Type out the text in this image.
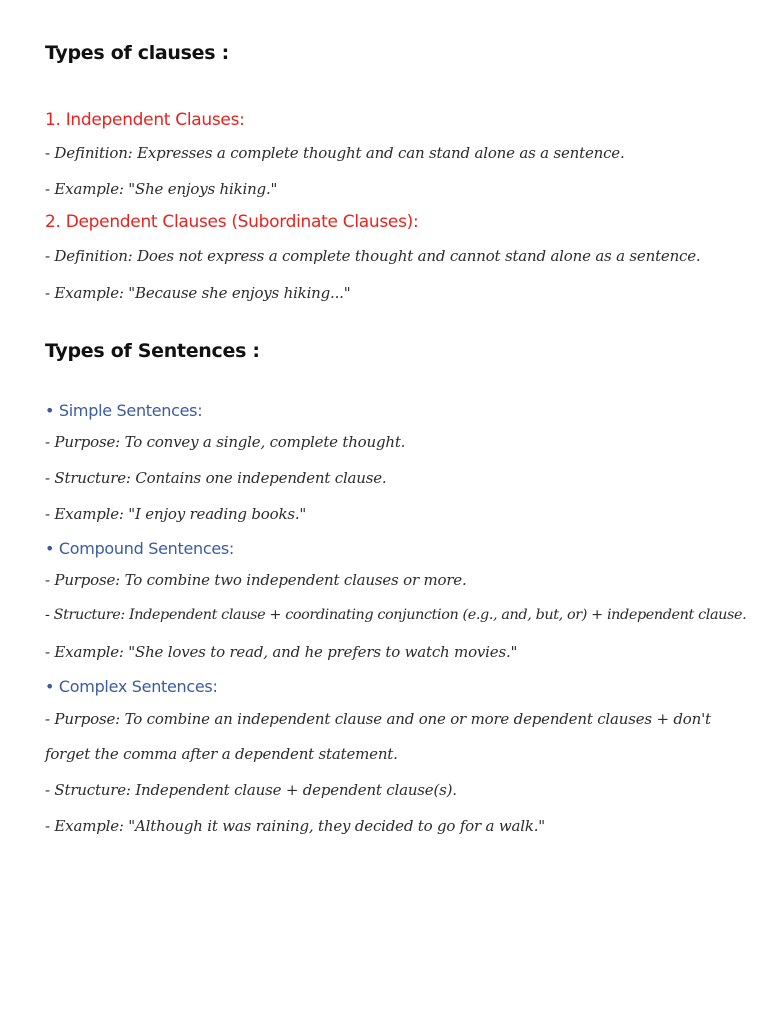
Types of clauses :
1. Independent Clauses:
- Definition: Expresses a complete thought and can stand alone as a sentence.
- Example: "She enjoys hiking."
2. Dependent Clauses (Subordinate Clauses):
- Definition: Does not express a complete thought and cannot stand alone as a sentence.
- Example: "Because she enjoys hiking..."
Types of Sentences :
• Simple Sentences:
- Purpose: To convey a single, complete thought.
- Structure: Contains one independent clause.
- Example: "I enjoy reading books."
• Compound Sentences:
- Purpose: To combine two independent clauses or more.
- Structure: Independent clause + coordinating conjunction (e.g., and, but, or) + independent clause.
- Example: "She loves to read, and he prefers to watch movies."
• Complex Sentences:
- Purpose: To combine an independent clause and one or more dependent clauses + don't forget the comma after a dependent statement.
- Structure: Independent clause + dependent clause(s).
- Example: "Although it was raining, they decided to go for a walk."
